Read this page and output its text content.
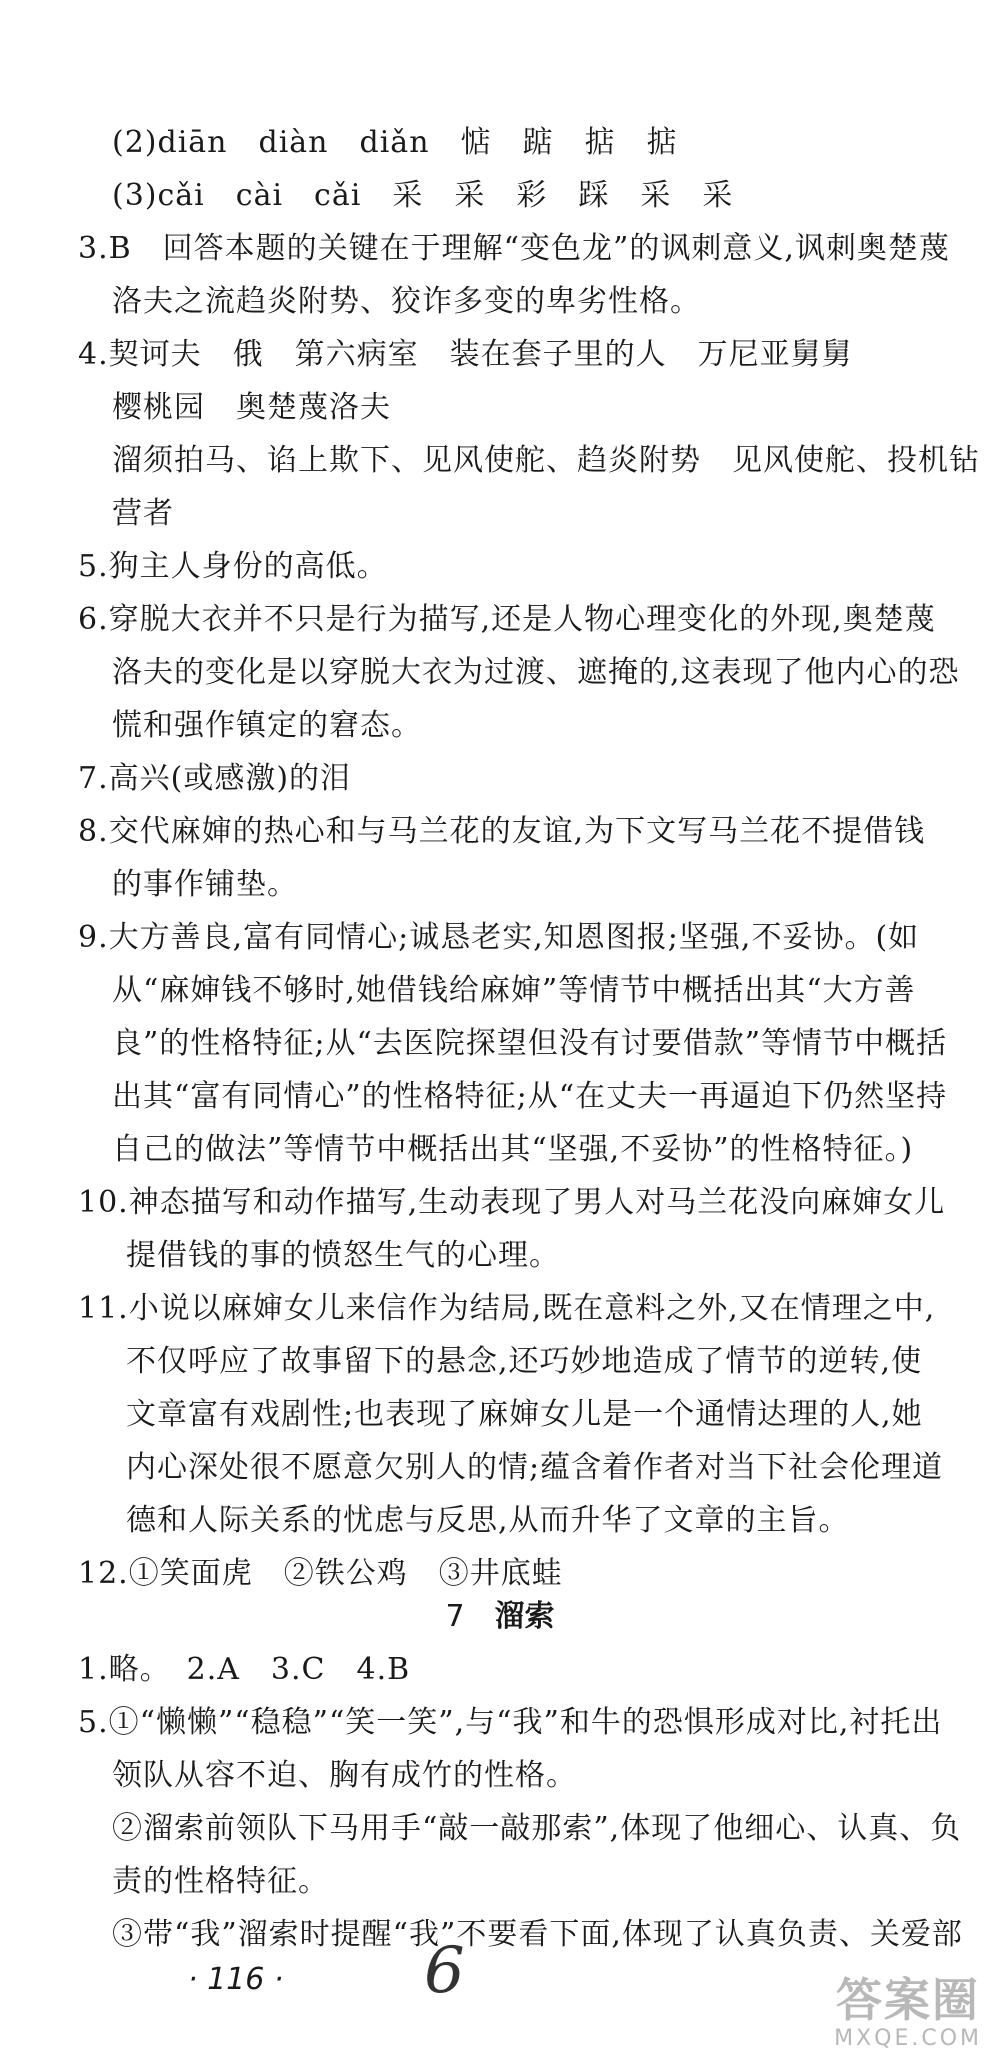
(2)diān　diàn　diǎn　惦　踮　掂　掂
(3)cǎi　cài　cǎi　采　采　彩　踩　采　采
3.B　回答本题的关键在于理解“变色龙”的讽刺意义,讽刺奥楚蔑
洛夫之流趋炎附势、狡诈多变的卑劣性格。
4.契诃夫　俄　第六病室　装在套子里的人　万尼亚舅舅
樱桃园　奥楚蔑洛夫
溜须拍马、谄上欺下、见风使舵、趋炎附势　见风使舵、投机钻
营者
5.狗主人身份的高低。
6.穿脱大衣并不只是行为描写,还是人物心理变化的外现,奥楚蔑
洛夫的变化是以穿脱大衣为过渡、遮掩的,这表现了他内心的恐
慌和强作镇定的窘态。
7.高兴(或感激)的泪
8.交代麻婶的热心和与马兰花的友谊,为下文写马兰花不提借钱
的事作铺垫。
9.大方善良,富有同情心;诚恳老实,知恩图报;坚强,不妥协。(如
从“麻婶钱不够时,她借钱给麻婶”等情节中概括出其“大方善
良”的性格特征;从“去医院探望但没有讨要借款”等情节中概括
出其“富有同情心”的性格特征;从“在丈夫一再逼迫下仍然坚持
自己的做法”等情节中概括出其“坚强,不妥协”的性格特征。)
10.神态描写和动作描写,生动表现了男人对马兰花没向麻婶女儿
提借钱的事的愤怒生气的心理。
11.小说以麻婶女儿来信作为结局,既在意料之外,又在情理之中,
不仅呼应了故事留下的悬念,还巧妙地造成了情节的逆转,使
文章富有戏剧性;也表现了麻婶女儿是一个通情达理的人,她
内心深处很不愿意欠别人的情;蕴含着作者对当下社会伦理道
德和人际关系的忧虑与反思,从而升华了文章的主旨。
12.①笑面虎　②铁公鸡　③井底蛙
1.略。　2.A　3.C　4.B
5.①“懒懒”“稳稳”“笑一笑”,与“我”和牛的恐惧形成对比,衬托出
领队从容不迫、胸有成竹的性格。
②溜索前领队下马用手“敲一敲那索”,体现了他细心、认真、负
责的性格特征。
③带“我”溜索时提醒“我”不要看下面,体现了认真负责、关爱部
7 溜索
· 116 · 6	答案圈
MXQE.COM
